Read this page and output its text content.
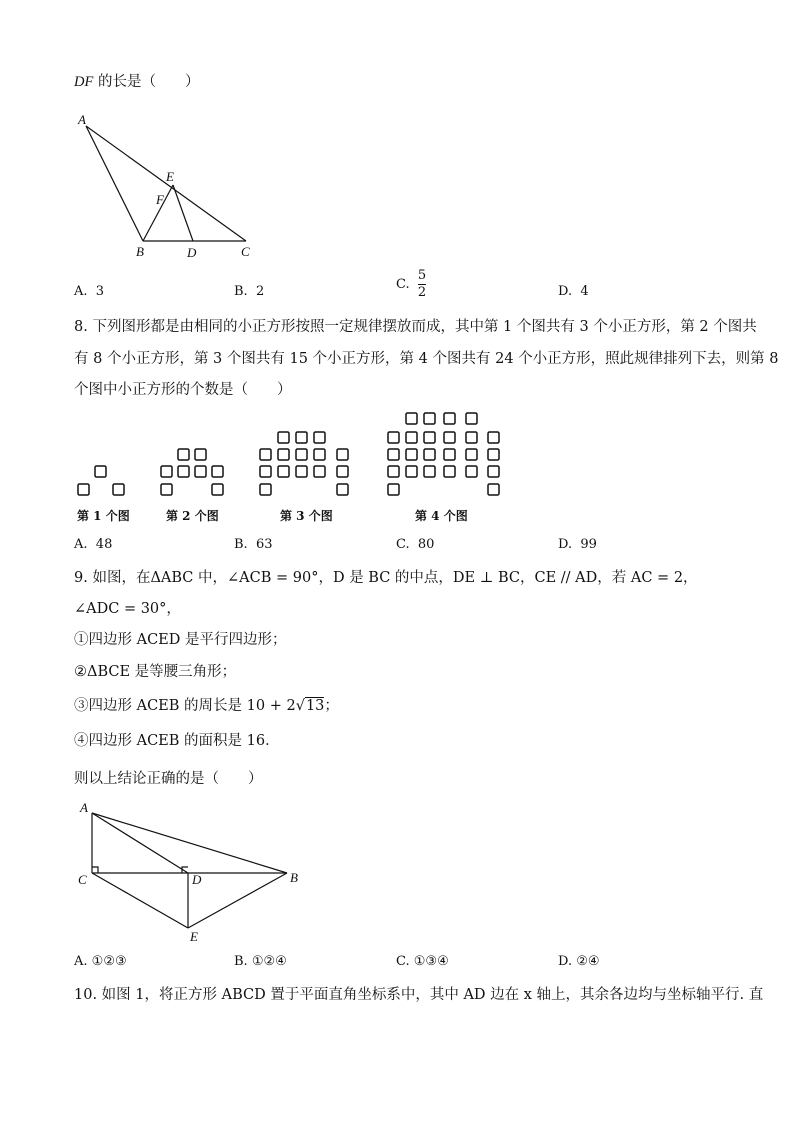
DF 的长是（　　）
A
E
F
B	D	C
A. 3	B. 2	C. $\frac{5}{2}$	D. 4
8. 下列图形都是由相同的小正方形按照一定规律摆放而成，其中第 1 个图共有 3 个小正方形，第 2 个图共
有 8 个小正方形，第 3 个图共有 15 个小正方形，第 4 个图共有 24 个小正方形，照此规律排列下去，则第 8
个图中小正方形的个数是（　　）
第 1 个图	第 2 个图	第 3 个图	第 4 个图
A. 48	B. 63	C. 80	D. 99
9. 如图，在ΔABC 中，∠ACB = 90°，D 是 BC 的中点，DE ⊥ BC，CE // AD，若 AC = 2，
∠ADC = 30°，
①四边形 ACED 是平行四边形；
②ΔBCE 是等腰三角形；
③四边形 ACEB 的周长是 10 + 2√13；
④四边形 ACEB 的面积是 16．
则以上结论正确的是（　　）
A
C	D	B
E
A. ①②③	B. ①②④	C. ①③④	D. ②④
10. 如图 1，将正方形 ABCD 置于平面直角坐标系中，其中 AD 边在 x 轴上，其余各边均与坐标轴平行. 直
